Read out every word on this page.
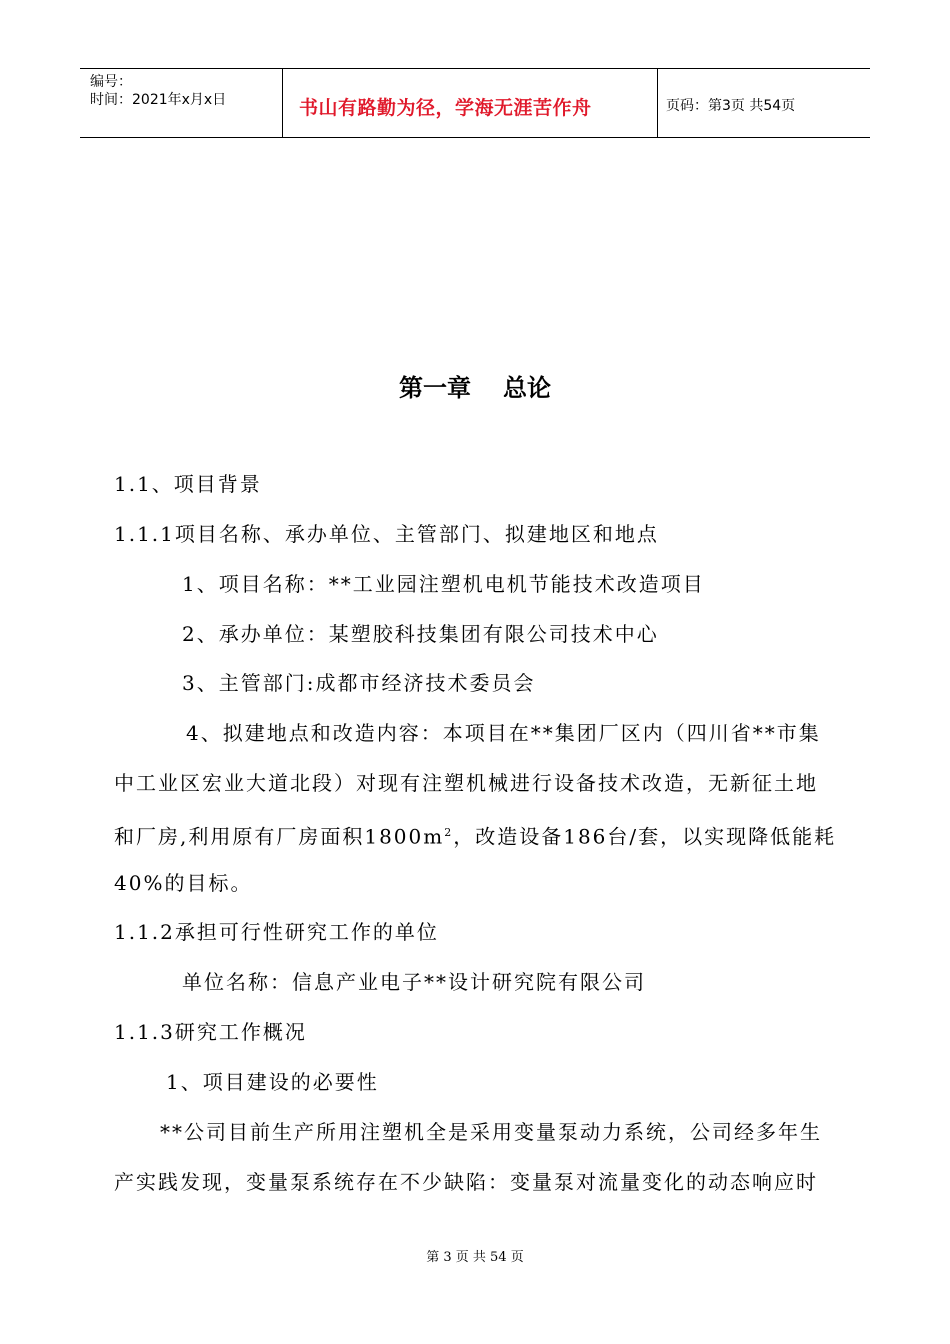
编号：
时间：2021年x月x日	书山有路勤为径，学海无涯苦作舟	页码：第3页 共54页
第一章 总论
1.1、项目背景
1.1.1项目名称、承办单位、主管部门、拟建地区和地点
1、项目名称：**工业园注塑机电机节能技术改造项目
2、承办单位：某塑胶科技集团有限公司技术中心
3、主管部门:成都市经济技术委员会
4、拟建地点和改造内容：本项目在**集团厂区内（四川省**市集
中工业区宏业大道北段）对现有注塑机械进行设备技术改造，无新征土地
和厂房,利用原有厂房面积$1800m^2$，改造设备186台/套，以实现降低能耗
40%的目标。
1.1.2承担可行性研究工作的单位
单位名称：信息产业电子**设计研究院有限公司
1.1.3研究工作概况
1、项目建设的必要性
**公司目前生产所用注塑机全是采用变量泵动力系统，公司经多年生
产实践发现，变量泵系统存在不少缺陷：变量泵对流量变化的动态响应时
第 3 页 共 54 页
